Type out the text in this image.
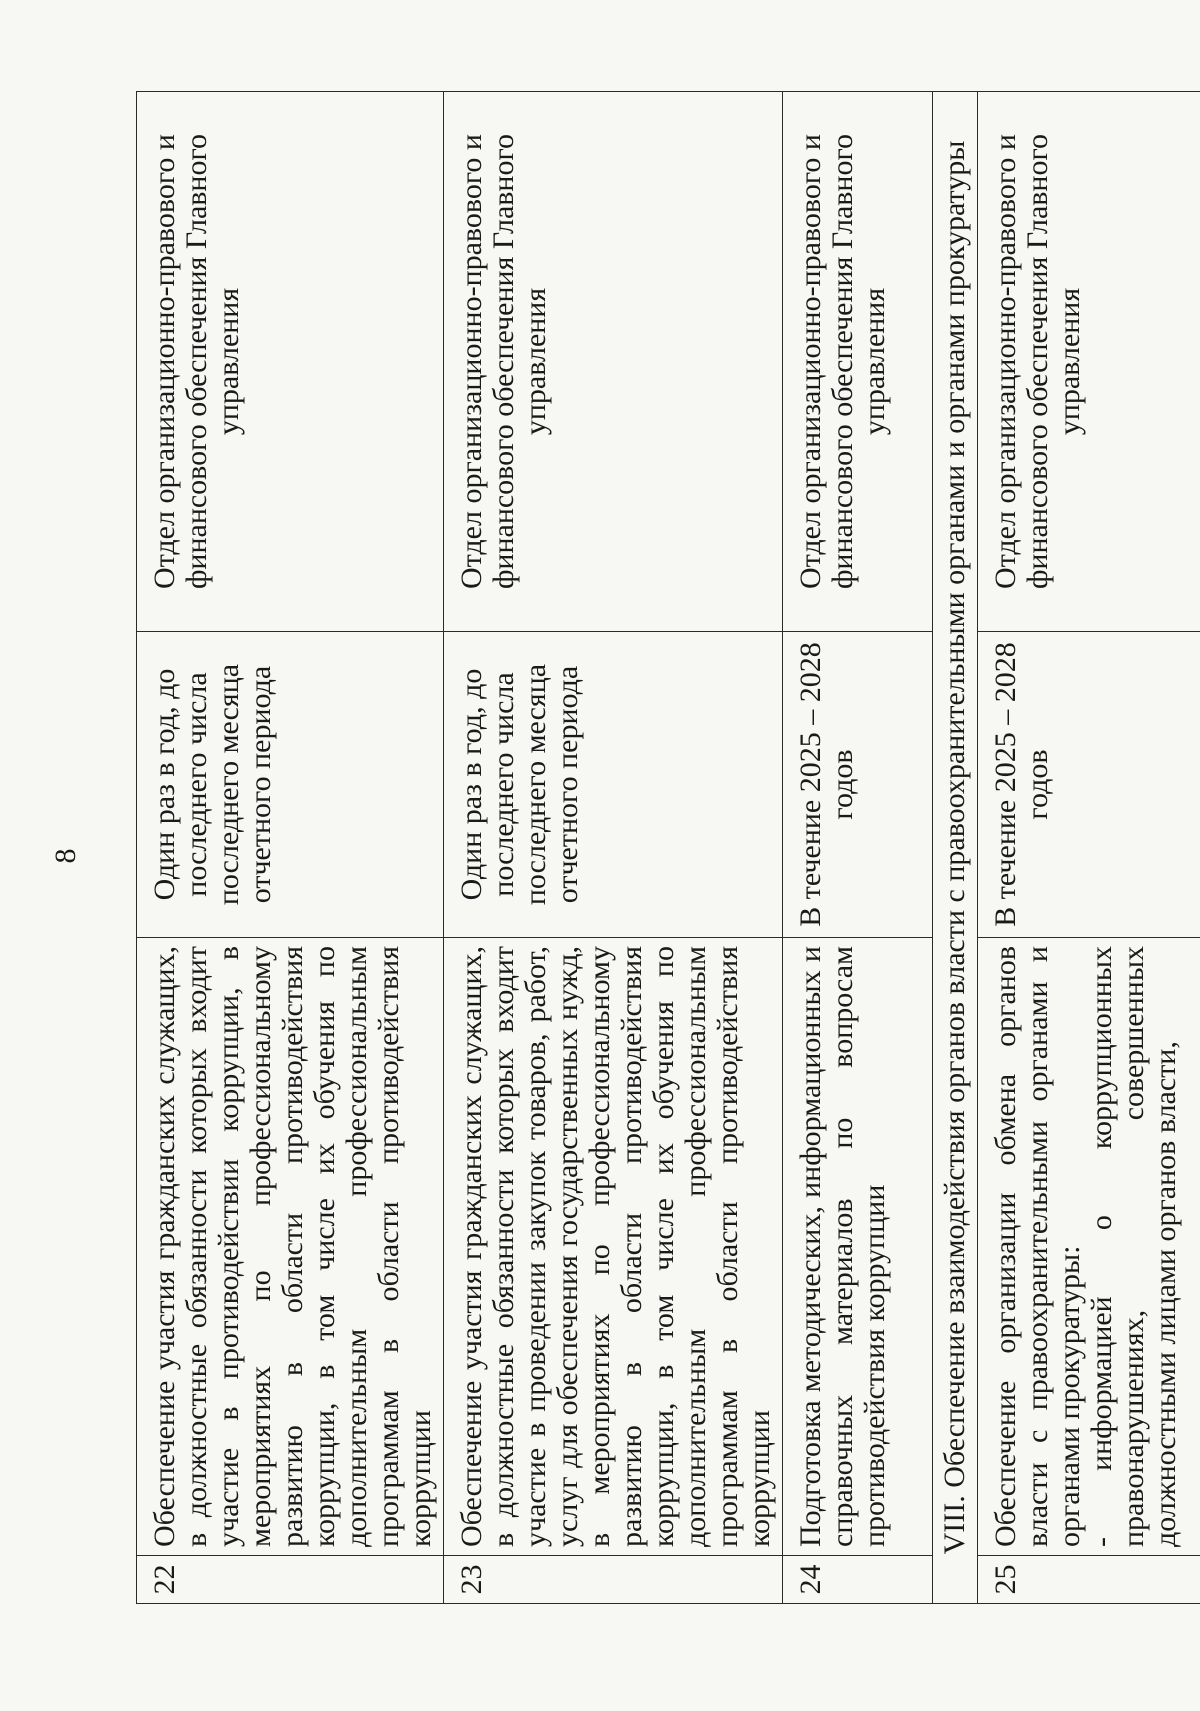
8
22	Обеспечение участия гражданских служащих, в должностные обязанности которых входит участие в противодействии коррупции, в мероприятиях по профессиональному развитию в области противодействия коррупции, в том числе их обучения по дополнительным профессиональным программам в области противодействия коррупции	Один раз в год, до последнего числа последнего месяца отчетного периода	Отдел организационно-правового и финансового обеспечения Главного управления
23	Обеспечение участия гражданских служащих, в должностные обязанности которых входит участие в проведении закупок товаров, работ, услуг для обеспечения государственных нужд, в мероприятиях по профессиональному развитию в области противодействия коррупции, в том числе их обучения по дополнительным профессиональным программам в области противодействия коррупции	Один раз в год, до последнего числа последнего месяца отчетного периода	Отдел организационно-правового и финансового обеспечения Главного управления
24	Подготовка методических, информационных и справочных материалов по вопросам противодействия коррупции	В течение 2025 – 2028 годов	Отдел организационно-правового и финансового обеспечения Главного управления
VIII. Обеспечение взаимодействия органов власти с правоохранительными органами и органами прокуратуры			
25	Обеспечение организации обмена органов власти с правоохранительными органами и органами прокуратуры:
- информацией о коррупционных правонарушениях, совершенных должностными лицами органов власти,	В течение 2025 – 2028 годов	Отдел организационно-правового и финансового обеспечения Главного управления
